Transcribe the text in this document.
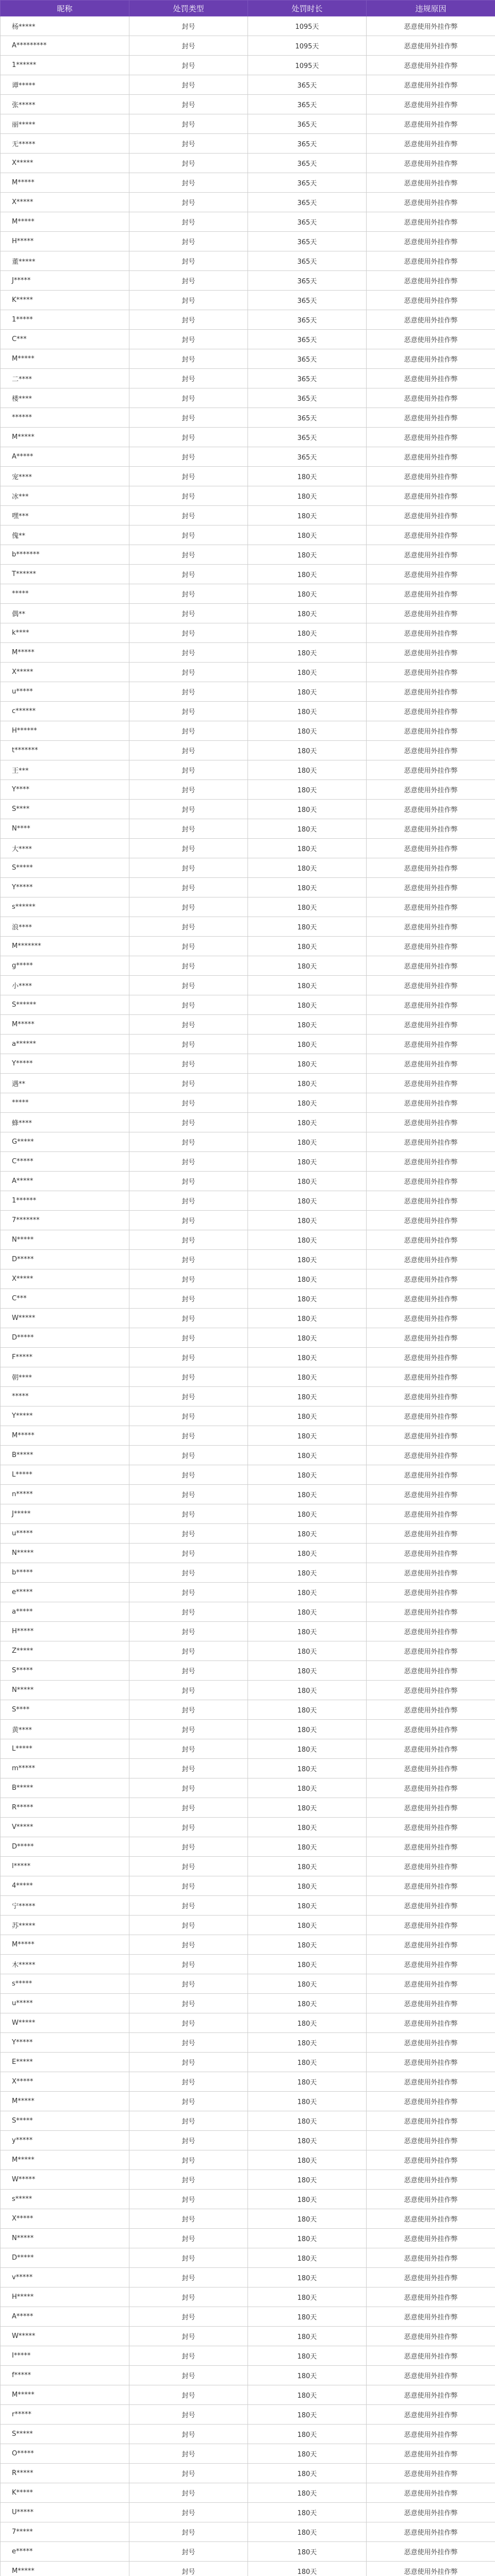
昵称	处罚类型	处罚时长	违规原因
杨*****	封号	1095天	恶意使用外挂作弊
A*********	封号	1095天	恶意使用外挂作弊
1******	封号	1095天	恶意使用外挂作弊
谭*****	封号	365天	恶意使用外挂作弊
张*****	封号	365天	恶意使用外挂作弊
丽*****	封号	365天	恶意使用外挂作弊
无*****	封号	365天	恶意使用外挂作弊
X*****	封号	365天	恶意使用外挂作弊
M*****	封号	365天	恶意使用外挂作弊
X*****	封号	365天	恶意使用外挂作弊
M*****	封号	365天	恶意使用外挂作弊
H*****	封号	365天	恶意使用外挂作弊
董*****	封号	365天	恶意使用外挂作弊
J*****	封号	365天	恶意使用外挂作弊
K*****	封号	365天	恶意使用外挂作弊
1*****	封号	365天	恶意使用外挂作弊
C***	封号	365天	恶意使用外挂作弊
M*****	封号	365天	恶意使用外挂作弊
二****	封号	365天	恶意使用外挂作弊
楼****	封号	365天	恶意使用外挂作弊
******	封号	365天	恶意使用外挂作弊
M*****	封号	365天	恶意使用外挂作弊
A*****	封号	365天	恶意使用外挂作弊
宠****	封号	180天	恶意使用外挂作弊
冰***	封号	180天	恶意使用外挂作弊
嘿***	封号	180天	恶意使用外挂作弊
傀**	封号	180天	恶意使用外挂作弊
b*******	封号	180天	恶意使用外挂作弊
T******	封号	180天	恶意使用外挂作弊
*****	封号	180天	恶意使用外挂作弊
偶**	封号	180天	恶意使用外挂作弊
k****	封号	180天	恶意使用外挂作弊
M*****	封号	180天	恶意使用外挂作弊
X*****	封号	180天	恶意使用外挂作弊
u*****	封号	180天	恶意使用外挂作弊
c******	封号	180天	恶意使用外挂作弊
H******	封号	180天	恶意使用外挂作弊
t*******	封号	180天	恶意使用外挂作弊
王***	封号	180天	恶意使用外挂作弊
Y****	封号	180天	恶意使用外挂作弊
S****	封号	180天	恶意使用外挂作弊
N****	封号	180天	恶意使用外挂作弊
大****	封号	180天	恶意使用外挂作弊
S*****	封号	180天	恶意使用外挂作弊
Y*****	封号	180天	恶意使用外挂作弊
s******	封号	180天	恶意使用外挂作弊
浪****	封号	180天	恶意使用外挂作弊
M*******	封号	180天	恶意使用外挂作弊
g*****	封号	180天	恶意使用外挂作弊
小****	封号	180天	恶意使用外挂作弊
S******	封号	180天	恶意使用外挂作弊
M*****	封号	180天	恶意使用外挂作弊
a******	封号	180天	恶意使用外挂作弊
Y*****	封号	180天	恶意使用外挂作弊
遇**	封号	180天	恶意使用外挂作弊
*****	封号	180天	恶意使用外挂作弊
蜂****	封号	180天	恶意使用外挂作弊
G*****	封号	180天	恶意使用外挂作弊
C*****	封号	180天	恶意使用外挂作弊
A*****	封号	180天	恶意使用外挂作弊
1******	封号	180天	恶意使用外挂作弊
7*******	封号	180天	恶意使用外挂作弊
N*****	封号	180天	恶意使用外挂作弊
D*****	封号	180天	恶意使用外挂作弊
X*****	封号	180天	恶意使用外挂作弊
C***	封号	180天	恶意使用外挂作弊
W*****	封号	180天	恶意使用外挂作弊
D*****	封号	180天	恶意使用外挂作弊
F*****	封号	180天	恶意使用外挂作弊
朝****	封号	180天	恶意使用外挂作弊
*****	封号	180天	恶意使用外挂作弊
Y*****	封号	180天	恶意使用外挂作弊
M*****	封号	180天	恶意使用外挂作弊
B*****	封号	180天	恶意使用外挂作弊
L*****	封号	180天	恶意使用外挂作弊
n*****	封号	180天	恶意使用外挂作弊
J*****	封号	180天	恶意使用外挂作弊
u*****	封号	180天	恶意使用外挂作弊
N*****	封号	180天	恶意使用外挂作弊
b*****	封号	180天	恶意使用外挂作弊
e*****	封号	180天	恶意使用外挂作弊
a*****	封号	180天	恶意使用外挂作弊
H*****	封号	180天	恶意使用外挂作弊
Z*****	封号	180天	恶意使用外挂作弊
S*****	封号	180天	恶意使用外挂作弊
N*****	封号	180天	恶意使用外挂作弊
S****	封号	180天	恶意使用外挂作弊
黄****	封号	180天	恶意使用外挂作弊
L*****	封号	180天	恶意使用外挂作弊
m*****	封号	180天	恶意使用外挂作弊
B*****	封号	180天	恶意使用外挂作弊
R*****	封号	180天	恶意使用外挂作弊
V*****	封号	180天	恶意使用外挂作弊
D*****	封号	180天	恶意使用外挂作弊
l*****	封号	180天	恶意使用外挂作弊
4*****	封号	180天	恶意使用外挂作弊
宁*****	封号	180天	恶意使用外挂作弊
苏*****	封号	180天	恶意使用外挂作弊
M*****	封号	180天	恶意使用外挂作弊
木*****	封号	180天	恶意使用外挂作弊
s*****	封号	180天	恶意使用外挂作弊
u*****	封号	180天	恶意使用外挂作弊
W*****	封号	180天	恶意使用外挂作弊
Y*****	封号	180天	恶意使用外挂作弊
E*****	封号	180天	恶意使用外挂作弊
X*****	封号	180天	恶意使用外挂作弊
M*****	封号	180天	恶意使用外挂作弊
S*****	封号	180天	恶意使用外挂作弊
y*****	封号	180天	恶意使用外挂作弊
M*****	封号	180天	恶意使用外挂作弊
W*****	封号	180天	恶意使用外挂作弊
s*****	封号	180天	恶意使用外挂作弊
X*****	封号	180天	恶意使用外挂作弊
N*****	封号	180天	恶意使用外挂作弊
D*****	封号	180天	恶意使用外挂作弊
v*****	封号	180天	恶意使用外挂作弊
H*****	封号	180天	恶意使用外挂作弊
A*****	封号	180天	恶意使用外挂作弊
W*****	封号	180天	恶意使用外挂作弊
I*****	封号	180天	恶意使用外挂作弊
f*****	封号	180天	恶意使用外挂作弊
M*****	封号	180天	恶意使用外挂作弊
r*****	封号	180天	恶意使用外挂作弊
S*****	封号	180天	恶意使用外挂作弊
O*****	封号	180天	恶意使用外挂作弊
R*****	封号	180天	恶意使用外挂作弊
K*****	封号	180天	恶意使用外挂作弊
U*****	封号	180天	恶意使用外挂作弊
7*****	封号	180天	恶意使用外挂作弊
e*****	封号	180天	恶意使用外挂作弊
M*****	封号	180天	恶意使用外挂作弊
